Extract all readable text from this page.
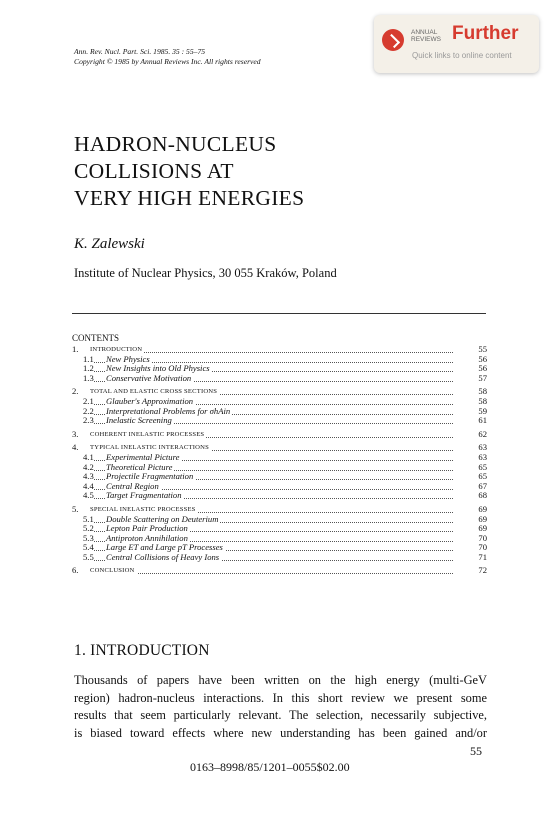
Ann. Rev. Nucl. Part. Sci. 1985. 35 : 55–75
Copyright © 1985 by Annual Reviews Inc. All rights reserved
ANNUAL REVIEWS Further
Quick links to online content
HADRON-NUCLEUS
COLLISIONS AT
VERY HIGH ENERGIES
K. Zalewski
Institute of Nuclear Physics, 30 055 Kraków, Poland
CONTENTS
1. INTRODUCTION	55
1.1 New Physics	56
1.2 New Insights into Old Physics	56
1.3 Conservative Motivation	57
2. TOTAL AND ELASTIC CROSS SECTIONS	58
2.1 Glauber's Approximation	58
2.2 Interpretational Problems for σhAin	59
2.3 Inelastic Screening	61
3. COHERENT INELASTIC PROCESSES	62
4. TYPICAL INELASTIC INTERACTIONS	63
4.1 Experimental Picture	63
4.2 Theoretical Picture	65
4.3 Projectile Fragmentation	65
4.4 Central Region	67
4.5 Target Fragmentation	68
5. SPECIAL INELASTIC PROCESSES	69
5.1 Double Scattering on Deuterium	69
5.2 Lepton Pair Production	69
5.3 Antiproton Annihilation	70
5.4 Large ET and Large pT Processes	70
5.5 Central Collisions of Heavy Ions	71
6. CONCLUSION	72
1. INTRODUCTION
Thousands of papers have been written on the high energy (multi-GeV
region) hadron-nucleus interactions. In this short review we present some
results that seem particularly relevant. The selection, necessarily subjective,
is biased toward effects where new understanding has been gained and/or
55
0163–8998/85/1201–0055$02.00
